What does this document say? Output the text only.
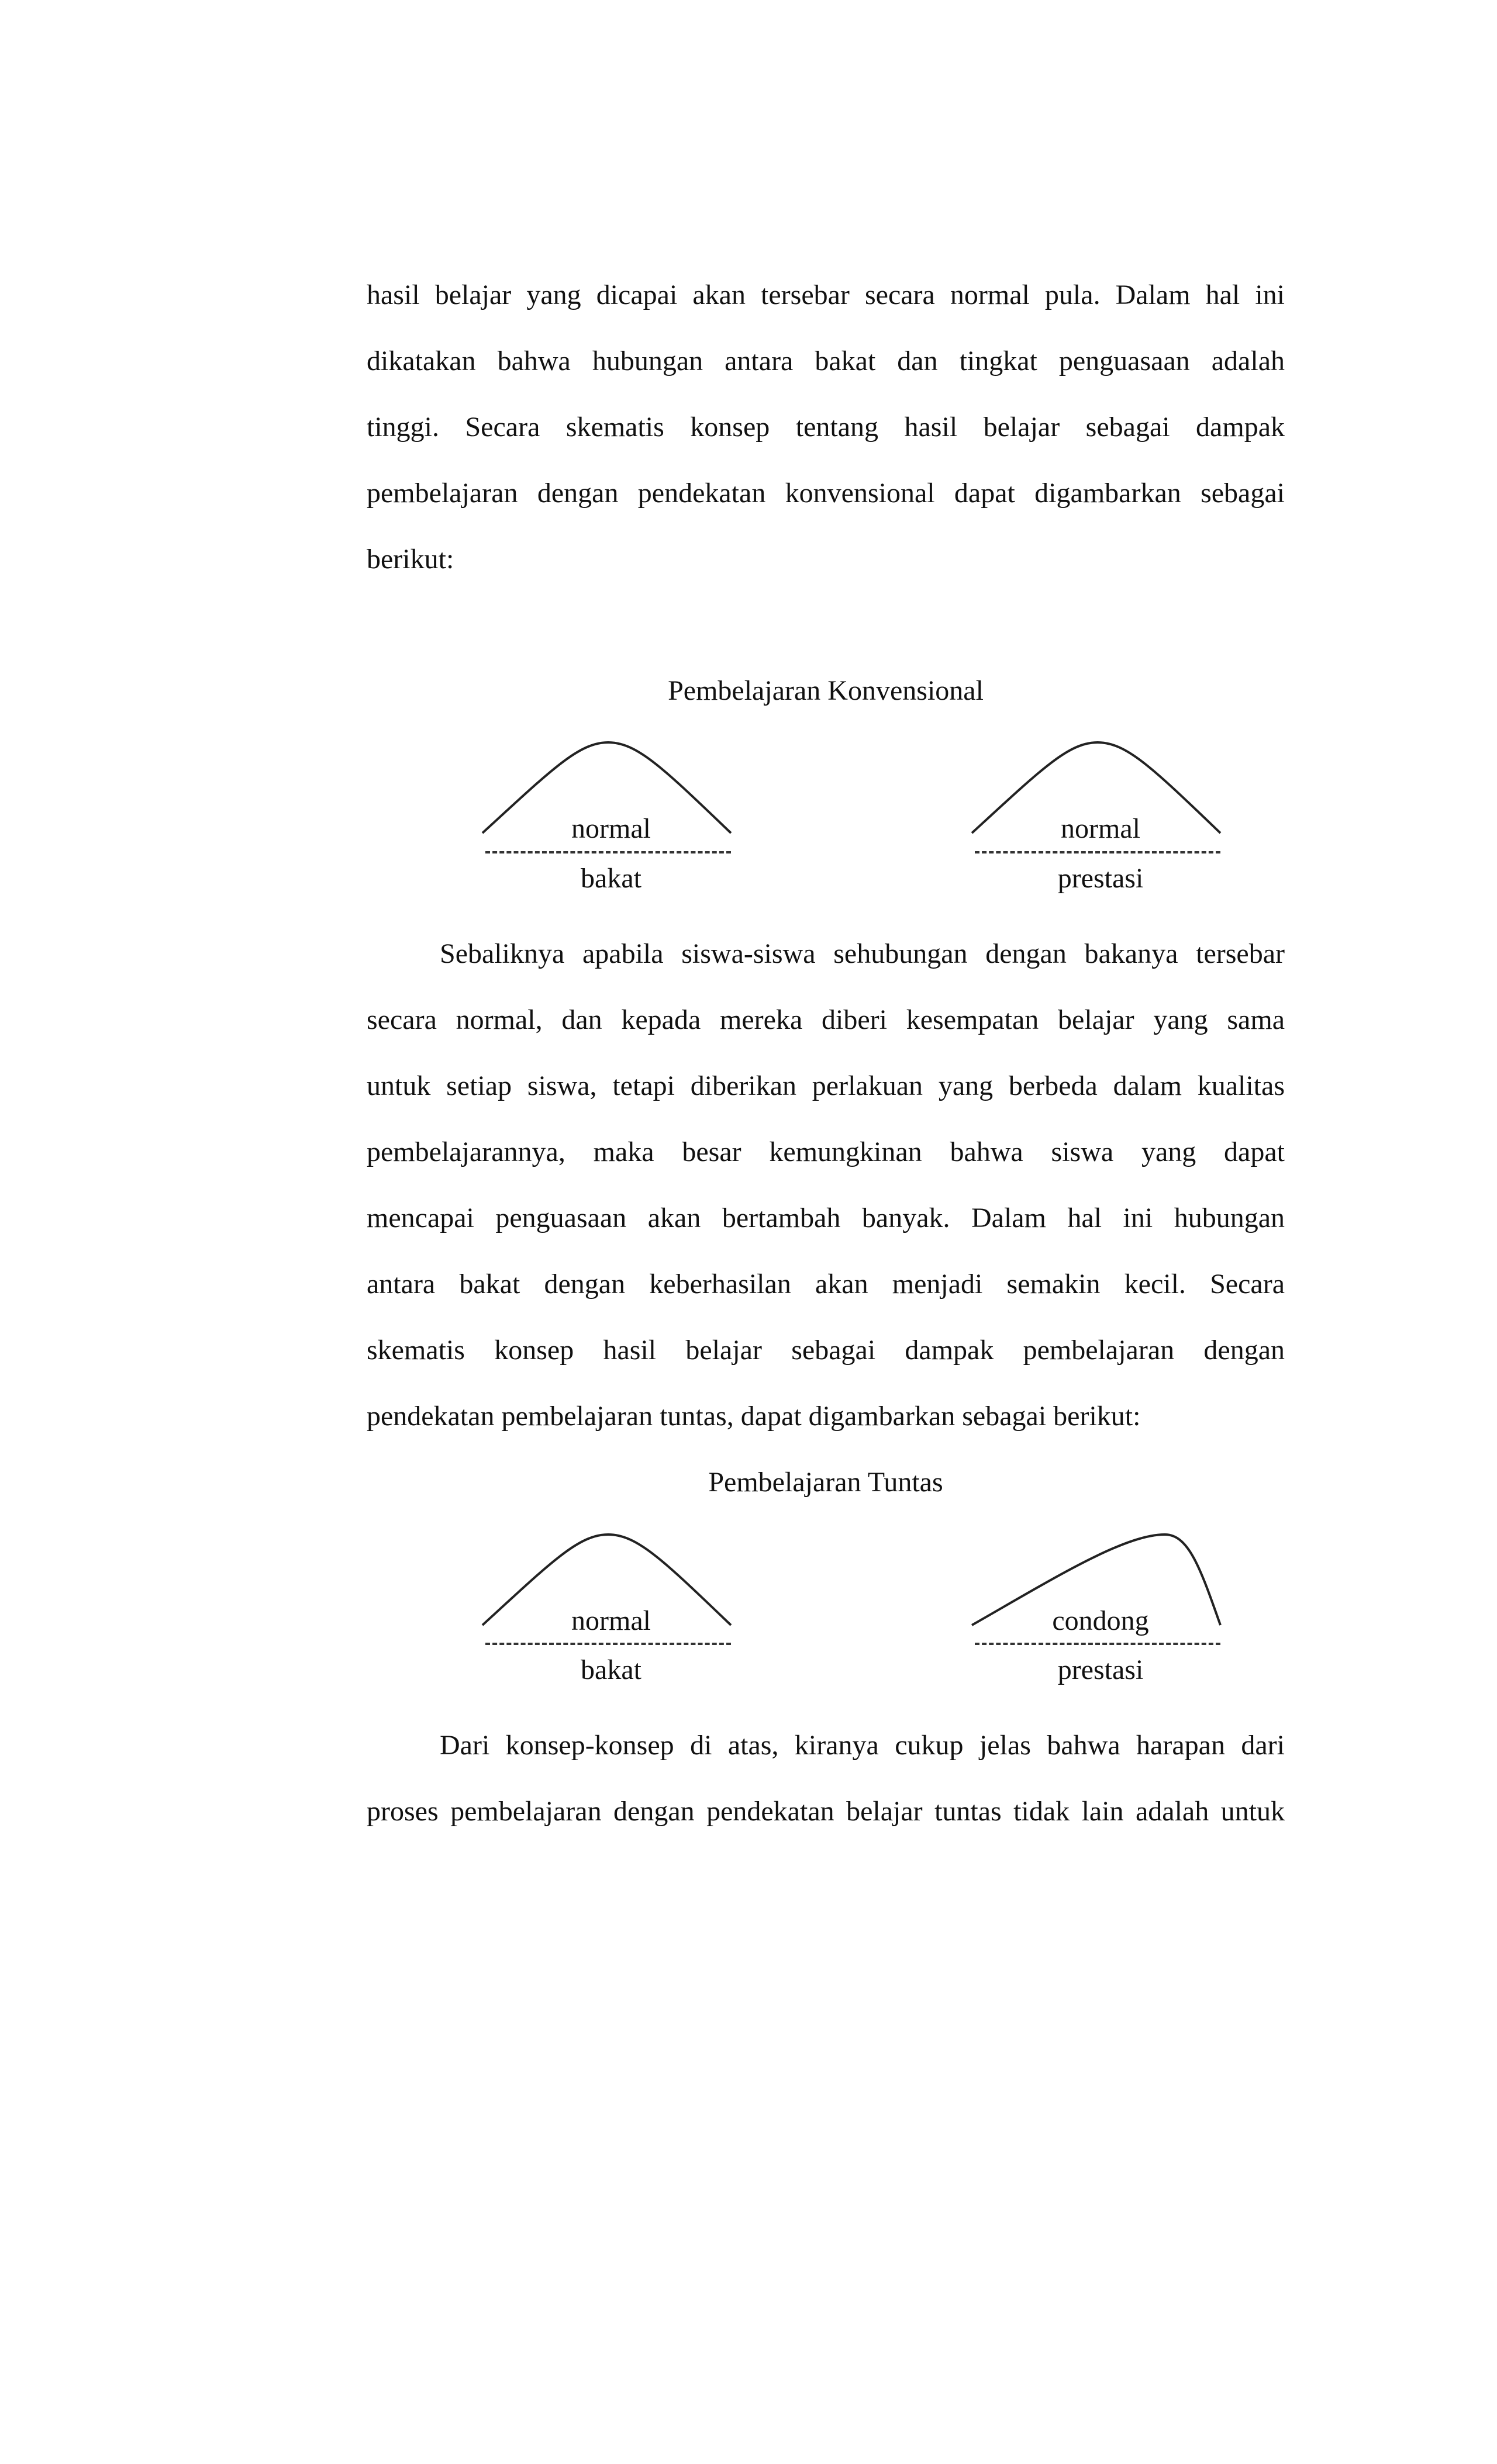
hasil belajar yang dicapai akan tersebar secara normal pula. Dalam hal ini
dikatakan bahwa hubungan antara bakat dan tingkat penguasaan adalah
tinggi. Secara skematis konsep tentang hasil belajar sebagai dampak
pembelajaran dengan pendekatan konvensional dapat digambarkan sebagai
berikut:
Pembelajaran Konvensional
normal
bakat
normal
prestasi
Sebaliknya apabila siswa-siswa sehubungan dengan bakanya tersebar
secara normal, dan kepada mereka diberi kesempatan belajar yang sama
untuk setiap siswa, tetapi diberikan perlakuan yang berbeda dalam kualitas
pembelajarannya, maka besar kemungkinan bahwa siswa yang dapat
mencapai penguasaan akan bertambah banyak. Dalam hal ini hubungan
antara bakat dengan keberhasilan akan menjadi semakin kecil. Secara
skematis konsep hasil belajar sebagai dampak pembelajaran dengan
pendekatan pembelajaran tuntas, dapat digambarkan sebagai berikut:
Pembelajaran Tuntas
normal
bakat
condong
prestasi
Dari konsep-konsep di atas, kiranya cukup jelas bahwa harapan dari
proses pembelajaran dengan pendekatan belajar tuntas tidak lain adalah untuk
